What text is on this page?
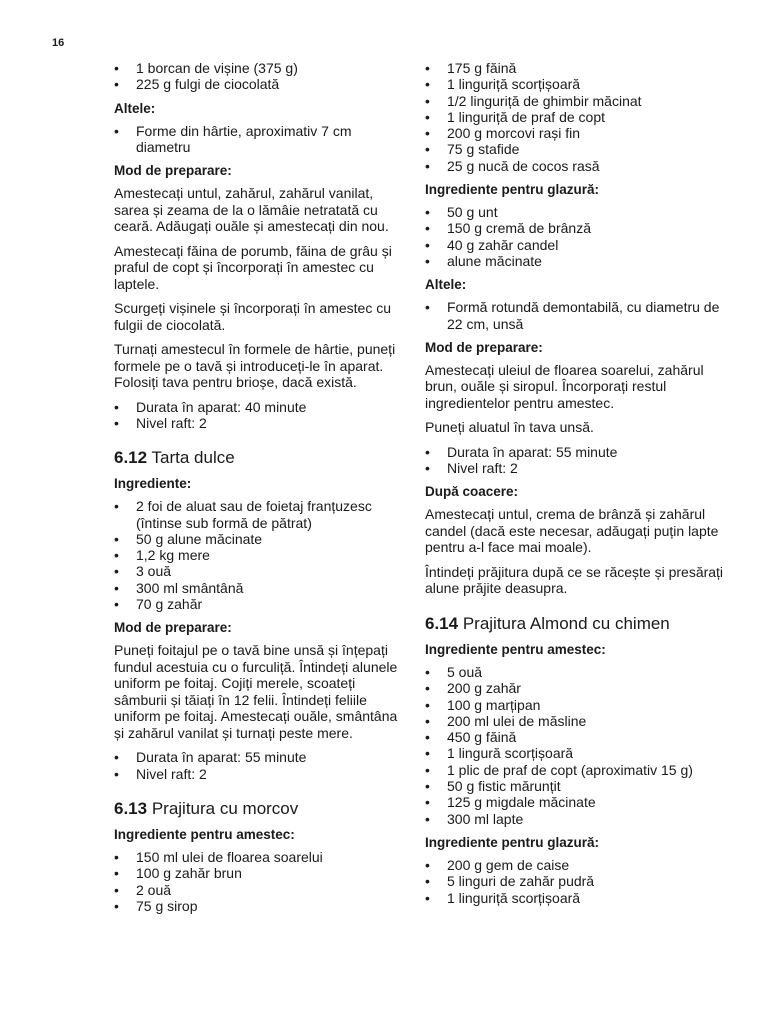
16
• 1 borcan de vișine (375 g)
• 225 g fulgi de ciocolată
Altele:
• Forme din hârtie, aproximativ 7 cm diametru
Mod de preparare:

Amestecați untul, zahărul, zahărul vanilat, sarea și zeama de la o lămâie netratată cu ceară. Adăugați ouăle și amestecați din nou.

Amestecați făina de porumb, făina de grâu și praful de copt și încorporați în amestec cu laptele.

Scurgeți vișinele și încorporați în amestec cu fulgii de ciocolată.

Turnați amestecul în formele de hârtie, puneți formele pe o tavă și introduceți-le în aparat. Folosiți tava pentru brioșe, dacă există.

• Durata în aparat: 40 minute
• Nivel raft: 2
6.12 Tarta dulce
Ingrediente:
• 2 foi de aluat sau de foietaj franțuzesc (întinse sub formă de pătrat)
• 50 g alune măcinate
• 1,2 kg mere
• 3 ouă
• 300 ml smântână
• 70 g zahăr
Mod de preparare:

Puneți foitajul pe o tavă bine unsă și înțepați fundul acestuia cu o furculiță. Întindeți alunele uniform pe foitaj. Cojiți merele, scoateți sâmburii și tăiați în 12 felii. Întindeți feliile uniform pe foitaj. Amestecați ouăle, smântâna și zahărul vanilat și turnați peste mere.

• Durata în aparat: 55 minute
• Nivel raft: 2
6.13 Prajitura cu morcov
Ingrediente pentru amestec:
• 150 ml ulei de floarea soarelui
• 100 g zahăr brun
• 2 ouă
• 75 g sirop
• 175 g făină
• 1 linguriță scorțișoară
• 1/2 linguriță de ghimbir măcinat
• 1 linguriță de praf de copt
• 200 g morcovi rași fin
• 75 g stafide
• 25 g nucă de cocos rasă
Ingrediente pentru glazură:
• 50 g unt
• 150 g cremă de brânză
• 40 g zahăr candel
• alune măcinate
Altele:
• Formă rotundă demontabilă, cu diametru de 22 cm, unsă
Mod de preparare:

Amestecați uleiul de floarea soarelui, zahărul brun, ouăle și siropul. Încorporați restul ingredientelor pentru amestec.

Puneți aluatul în tava unsă.

• Durata în aparat: 55 minute
• Nivel raft: 2
După coacere:

Amestecați untul, crema de brânză și zahărul candel (dacă este necesar, adăugați puțin lapte pentru a-l face mai moale).

Întindeți prăjitura după ce se răcește și presărați alune prăjite deasupra.

6.14 Prajitura Almond cu chimen
Ingrediente pentru amestec:
• 5 ouă
• 200 g zahăr
• 100 g marțipan
• 200 ml ulei de măsline
• 450 g făină
• 1 lingură scorțișoară
• 1 plic de praf de copt (aproximativ 15 g)
• 50 g fistic mărunțit
• 125 g migdale măcinate
• 300 ml lapte
Ingrediente pentru glazură:
• 200 g gem de caise
• 5 linguri de zahăr pudră
• 1 linguriță scorțișoară
